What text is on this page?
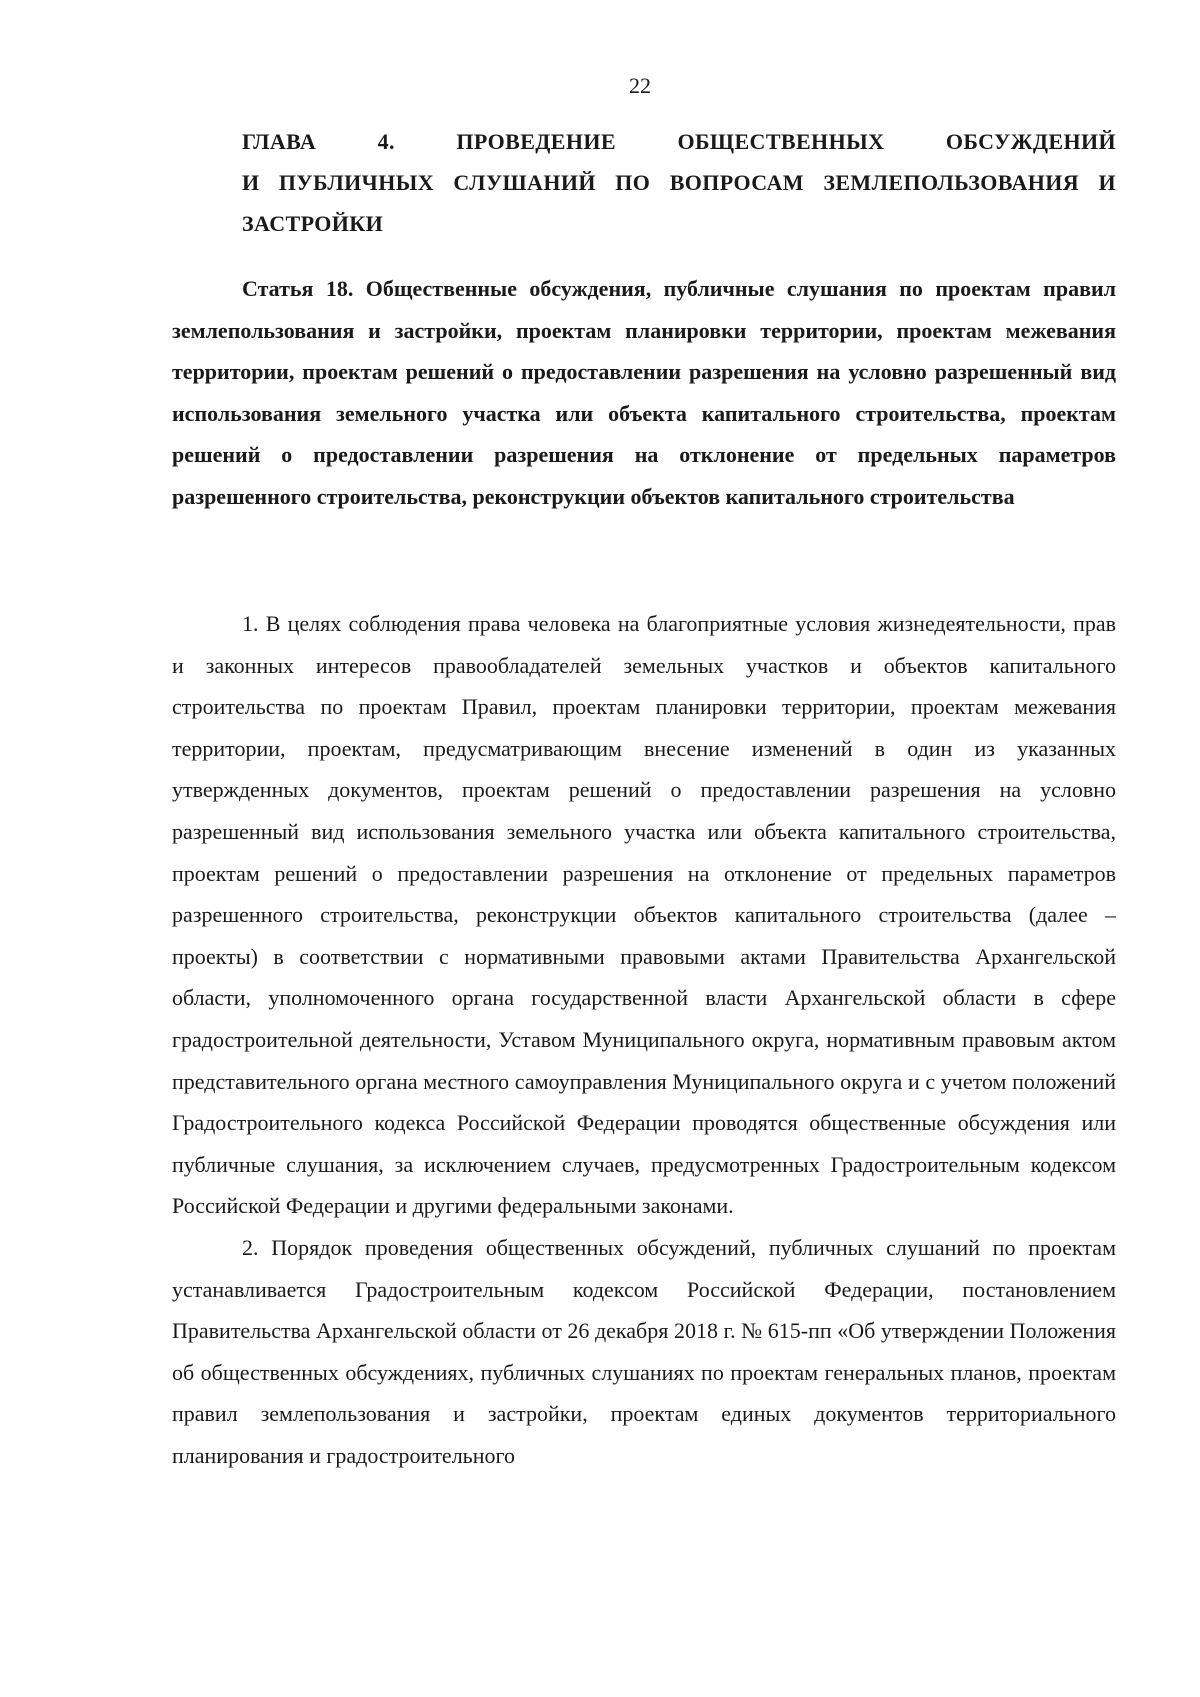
22
ГЛАВА 4. ПРОВЕДЕНИЕ ОБЩЕСТВЕННЫХ ОБСУЖДЕНИЙ
И ПУБЛИЧНЫХ СЛУШАНИЙ ПО ВОПРОСАМ ЗЕМЛЕПОЛЬЗОВАНИЯ И ЗАСТРОЙКИ
Статья 18. Общественные обсуждения, публичные слушания по проектам правил землепользования и застройки, проектам планировки территории, проектам межевания территории, проектам решений о предоставлении разрешения на условно разрешенный вид использования земельного участка или объекта капитального строительства, проектам решений о предоставлении разрешения на отклонение от предельных параметров разрешенного строительства, реконструкции объектов капитального строительства

1. В целях соблюдения права человека на благоприятные условия жизнедеятельности, прав и законных интересов правообладателей земельных участков и объектов капитального строительства по проектам Правил, проектам планировки территории, проектам межевания территории, проектам, предусматривающим внесение изменений в один из указанных утвержденных документов, проектам решений о предоставлении разрешения на условно разрешенный вид использования земельного участка или объекта капитального строительства, проектам решений о предоставлении разрешения на отклонение от предельных параметров разрешенного строительства, реконструкции объектов капитального строительства (далее – проекты) в соответствии с нормативными правовыми актами Правительства Архангельской области, уполномоченного органа государственной власти Архангельской области в сфере градостроительной деятельности, Уставом Муниципального округа, нормативным правовым актом представительного органа местного самоуправления Муниципального округа и с учетом положений Градостроительного кодекса Российской Федерации проводятся общественные обсуждения или публичные слушания, за исключением случаев, предусмотренных Градостроительным кодексом Российской Федерации и другими федеральными законами.

2. Порядок проведения общественных обсуждений, публичных слушаний по проектам устанавливается Градостроительным кодексом Российской Федерации, постановлением Правительства Архангельской области от 26 декабря 2018 г. № 615-пп «Об утверждении Положения об общественных обсуждениях, публичных слушаниях по проектам генеральных планов, проектам правил землепользования и застройки, проектам единых документов территориального планирования и градостроительного
